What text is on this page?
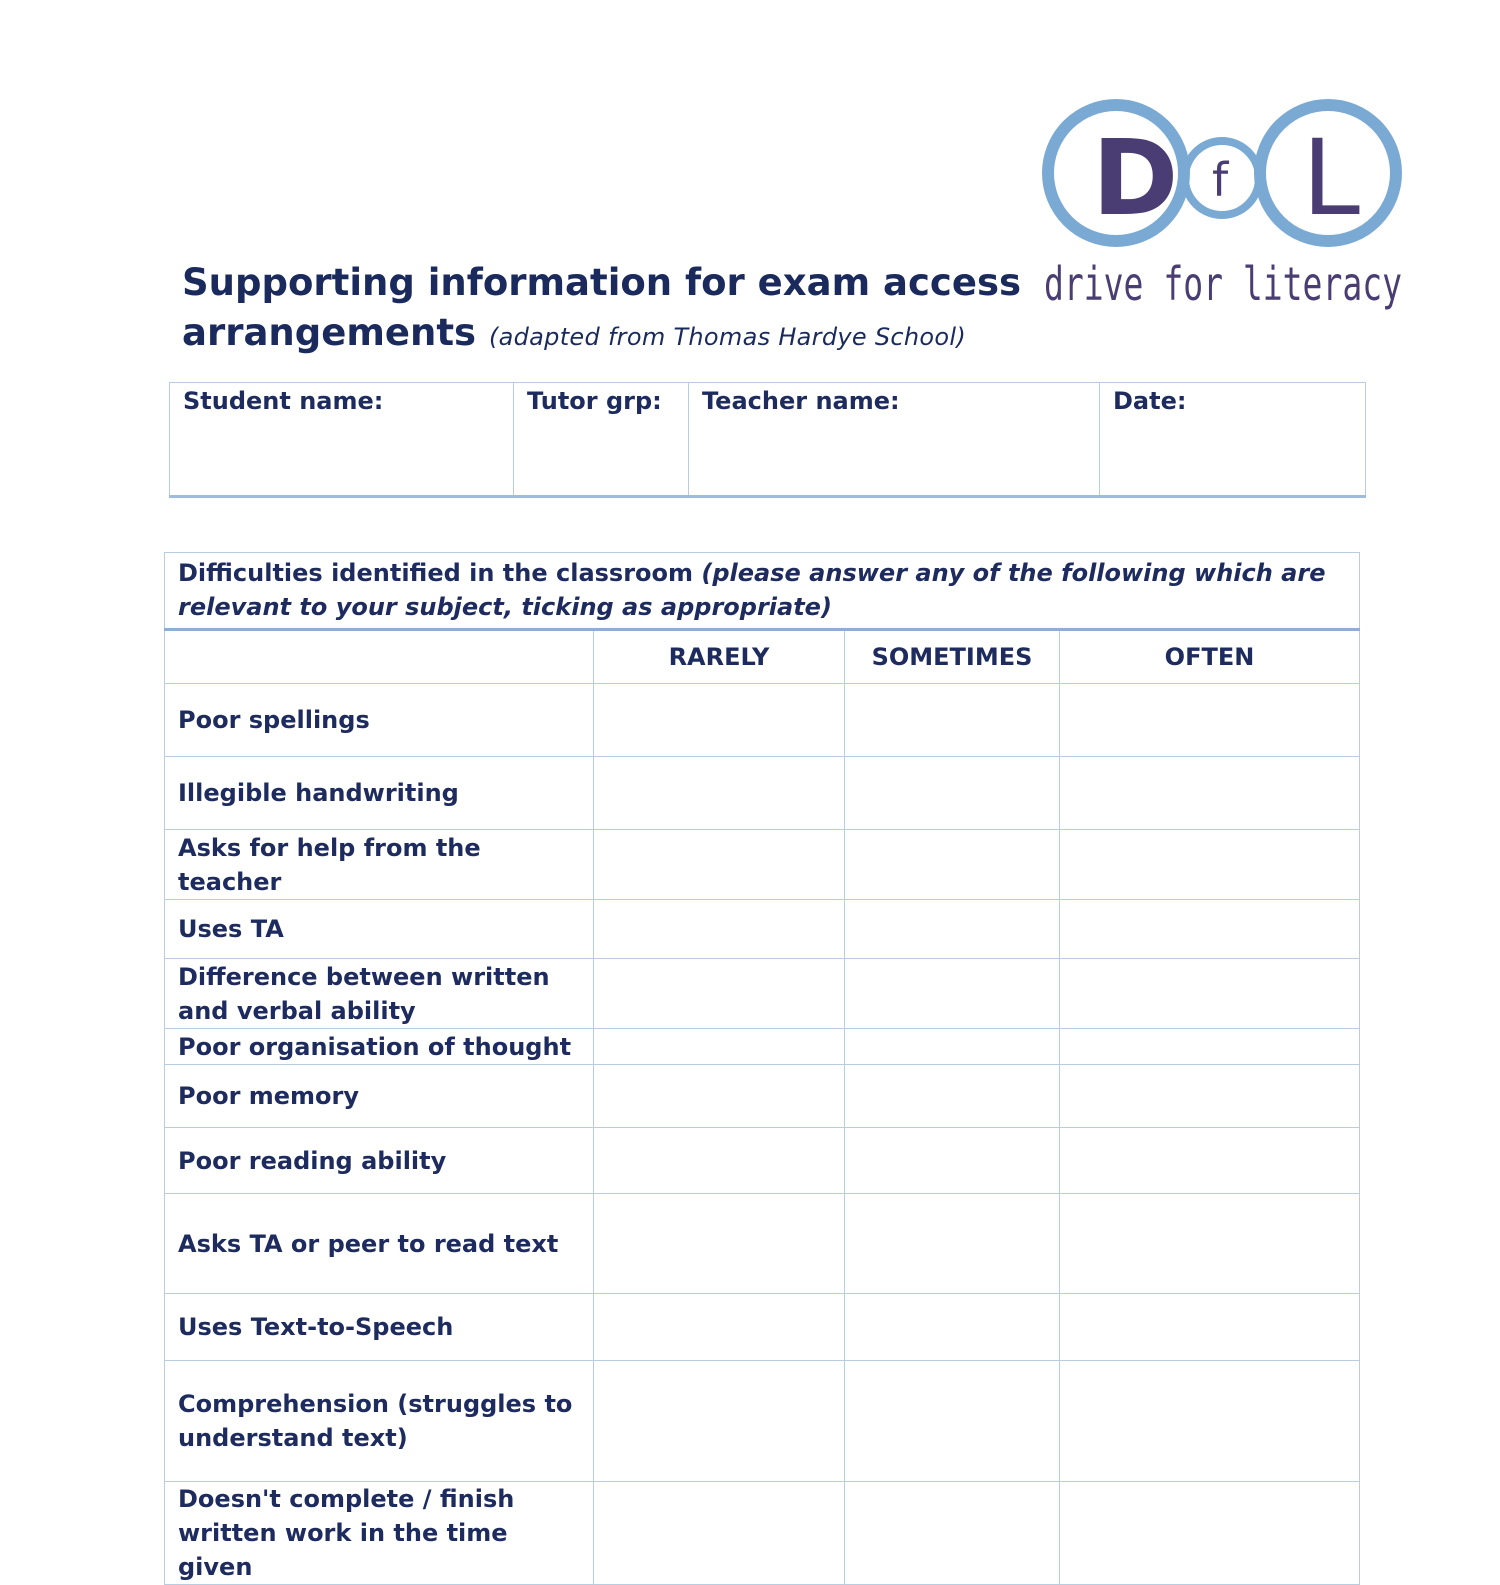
D f L
drive for literacy
Supporting information for exam access arrangements (adapted from Thomas Hardye School)
Student name:	Tutor grp:	Teacher name:	Date:
Difficulties identified in the classroom (please answer any of the following which are relevant to your subject, ticking as appropriate)			
	RARELY	SOMETIMES	OFTEN
Poor spellings			
Illegible handwriting			
Asks for help from the teacher			
Uses TA			
Difference between written and verbal ability			
Poor organisation of thought			
Poor memory			
Poor reading ability			
Asks TA or peer to read text			
Uses Text-to-Speech			
Comprehension (struggles to understand text)			
Doesn't complete / finish written work in the time given			
